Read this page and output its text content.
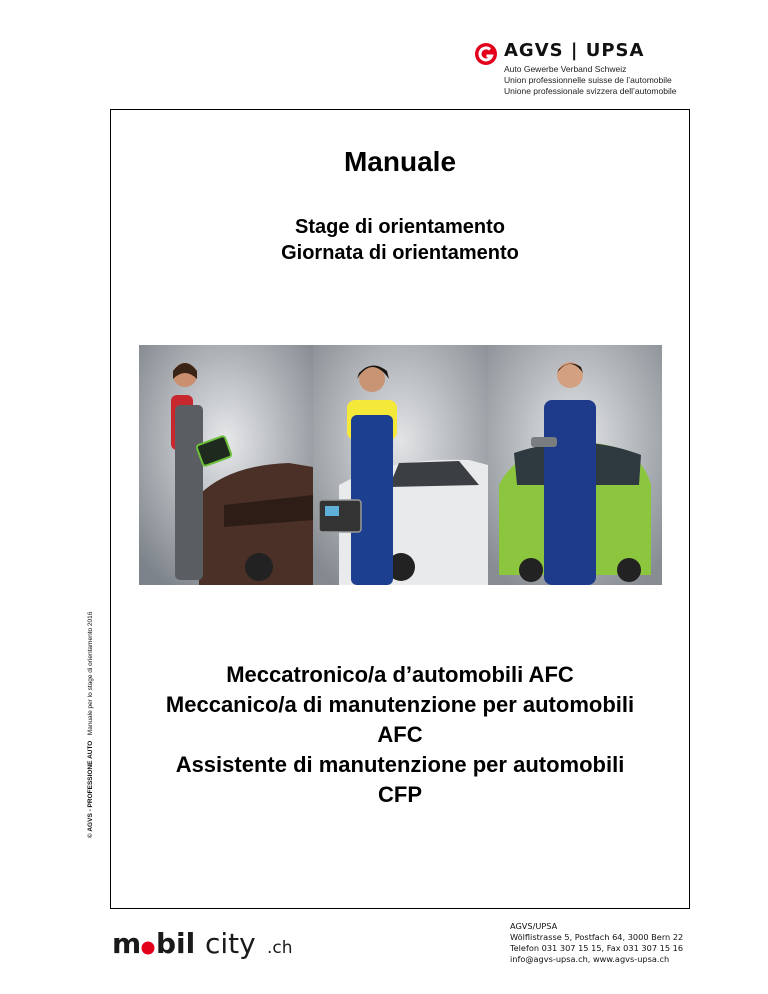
AGVS | UPSA
Auto Gewerbe Verband Schweiz
Union professionnelle suisse de l’automobile
Unione professionale svizzera dell’automobile
Manuale
Stage di orientamento
Giornata di orientamento
Meccatronico/a d’automobili AFC
Meccanico/a di manutenzione per automobili
AFC
Assistente di manutenzione per automobili
CFP
© AGVS - PROFESSIONE AUTO   Manuale per lo stage di orientamento 2016
m bil city .ch
AGVS/UPSA
Wölflistrasse 5, Postfach 64, 3000 Bern 22
Telefon 031 307 15 15, Fax 031 307 15 16
info@agvs-upsa.ch, www.agvs-upsa.ch
